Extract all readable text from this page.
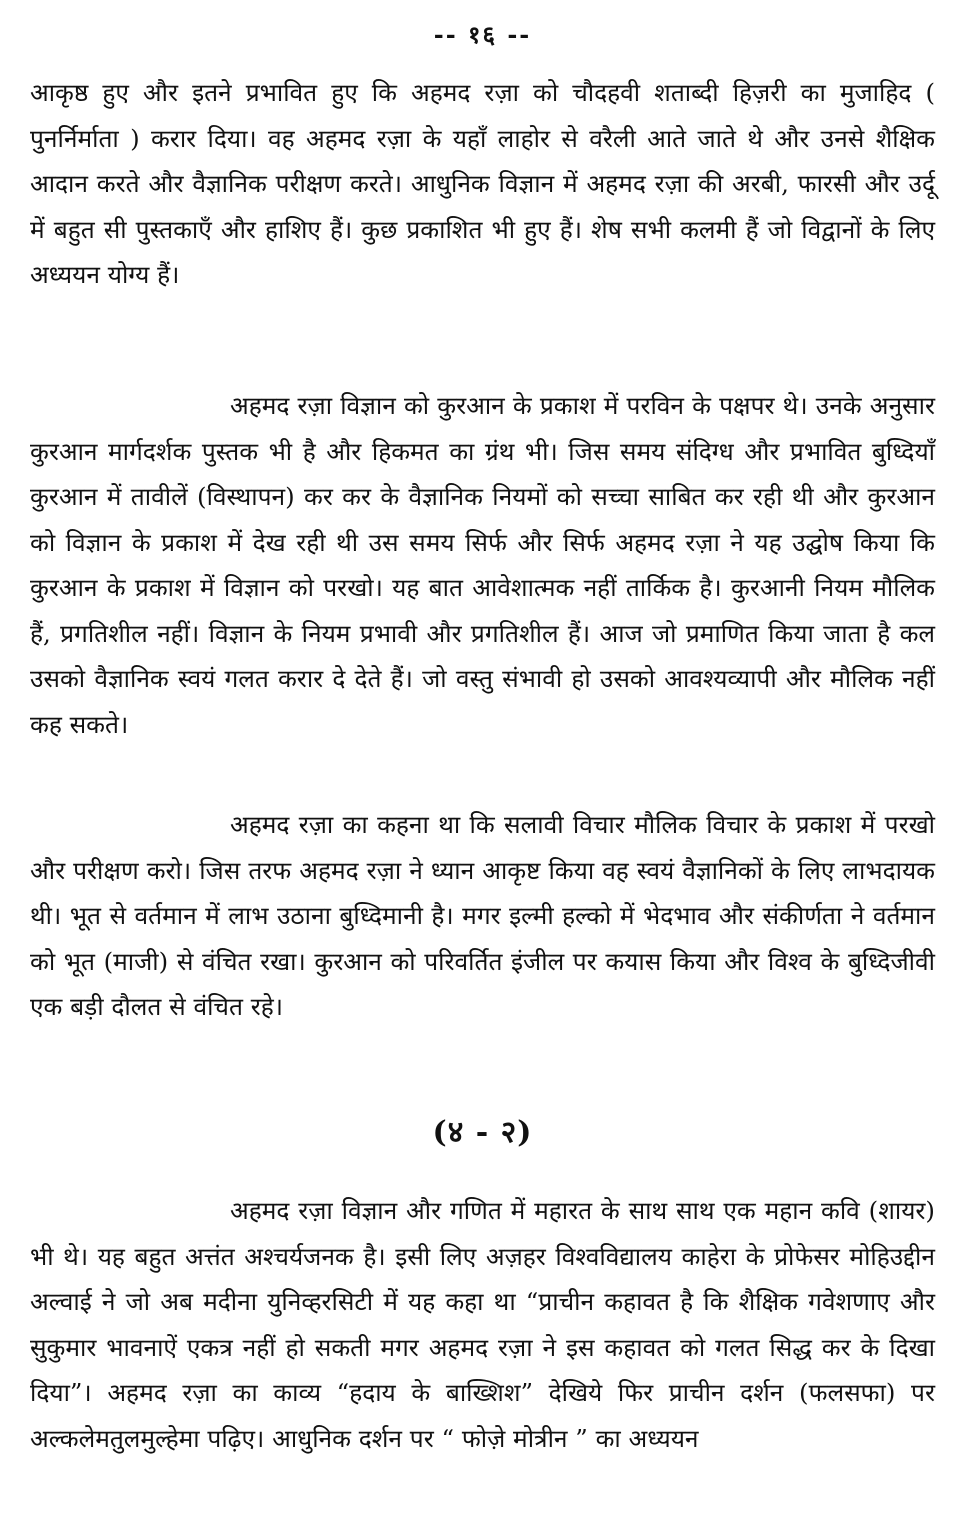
-- १६ --

आकृष्ठ हुए और इतने प्रभावित हुए कि अहमद रज़ा को चौदहवी शताब्दी हिज़री का मुजाहिद ( पुनर्निर्माता ) करार दिया। वह अहमद रज़ा के यहाँ लाहोर से वरैली आते जाते थे और उनसे शैक्षिक आदान करते और वैज्ञानिक परीक्षण करते। आधुनिक विज्ञान में अहमद रज़ा की अरबी, फारसी और उर्दू में बहुत सी पुस्तकाएँ और हाशिए हैं। कुछ प्रकाशित भी हुए हैं। शेष सभी कलमी हैं जो विद्वानों के लिए अध्ययन योग्य हैं।

अहमद रज़ा विज्ञान को कुरआन के प्रकाश में परविन के पक्षपर थे। उनके अनुसार कुरआन मार्गदर्शक पुस्तक भी है और हिकमत का ग्रंथ भी। जिस समय संदिग्ध और प्रभावित बुध्दियाँ कुरआन में तावीलें (विस्थापन) कर कर के वैज्ञानिक नियमों को सच्चा साबित कर रही थी और कुरआन को विज्ञान के प्रकाश में देख रही थी उस समय सिर्फ और सिर्फ अहमद रज़ा ने यह उद्घोष किया कि कुरआन के प्रकाश में विज्ञान को परखो। यह बात आवेशात्मक नहीं तार्किक है। कुरआनी नियम मौलिक हैं, प्रगतिशील नहीं। विज्ञान के नियम प्रभावी और प्रगतिशील हैं। आज जो प्रमाणित किया जाता है कल उसको वैज्ञानिक स्वयं गलत करार दे देते हैं। जो वस्तु संभावी हो उसको आवश्यव्यापी और मौलिक नहीं कह सकते।

अहमद रज़ा का कहना था कि सलावी विचार मौलिक विचार के प्रकाश में परखो और परीक्षण करो। जिस तरफ अहमद रज़ा ने ध्यान आकृष्ट किया वह स्वयं वैज्ञानिकों के लिए लाभदायक थी। भूत से वर्तमान में लाभ उठाना बुध्दिमानी है। मगर इल्मी हल्को में भेदभाव और संकीर्णता ने वर्तमान को भूत (माजी) से वंचित रखा। कुरआन को परिवर्तित इंजील पर कयास किया और विश्व के बुध्दिजीवी एक बड़ी दौलत से वंचित रहे।

(४ - २)

अहमद रज़ा विज्ञान और गणित में महारत के साथ साथ एक महान कवि (शायर) भी थे। यह बहुत अत्तंत अश्चर्यजनक है। इसी लिए अज़हर विश्वविद्यालय काहेरा के प्रोफेसर मोहिउद्दीन अल्वाई ने जो अब मदीना युनिव्हरसिटी में यह कहा था “प्राचीन कहावत है कि शैक्षिक गवेशणाए और सुकुमार भावनाऐं एकत्र नहीं हो सकती मगर अहमद रज़ा ने इस कहावत को गलत सिद्ध कर के दिखा दिया”। अहमद रज़ा का काव्य “हदाय के बाख्शिश” देखिये फिर प्राचीन दर्शन (फलसफा) पर अल्कलेमतुलमुल्हेमा पढ़िए। आधुनिक दर्शन पर “ फोज़े मोत्रीन ” का अध्ययन
